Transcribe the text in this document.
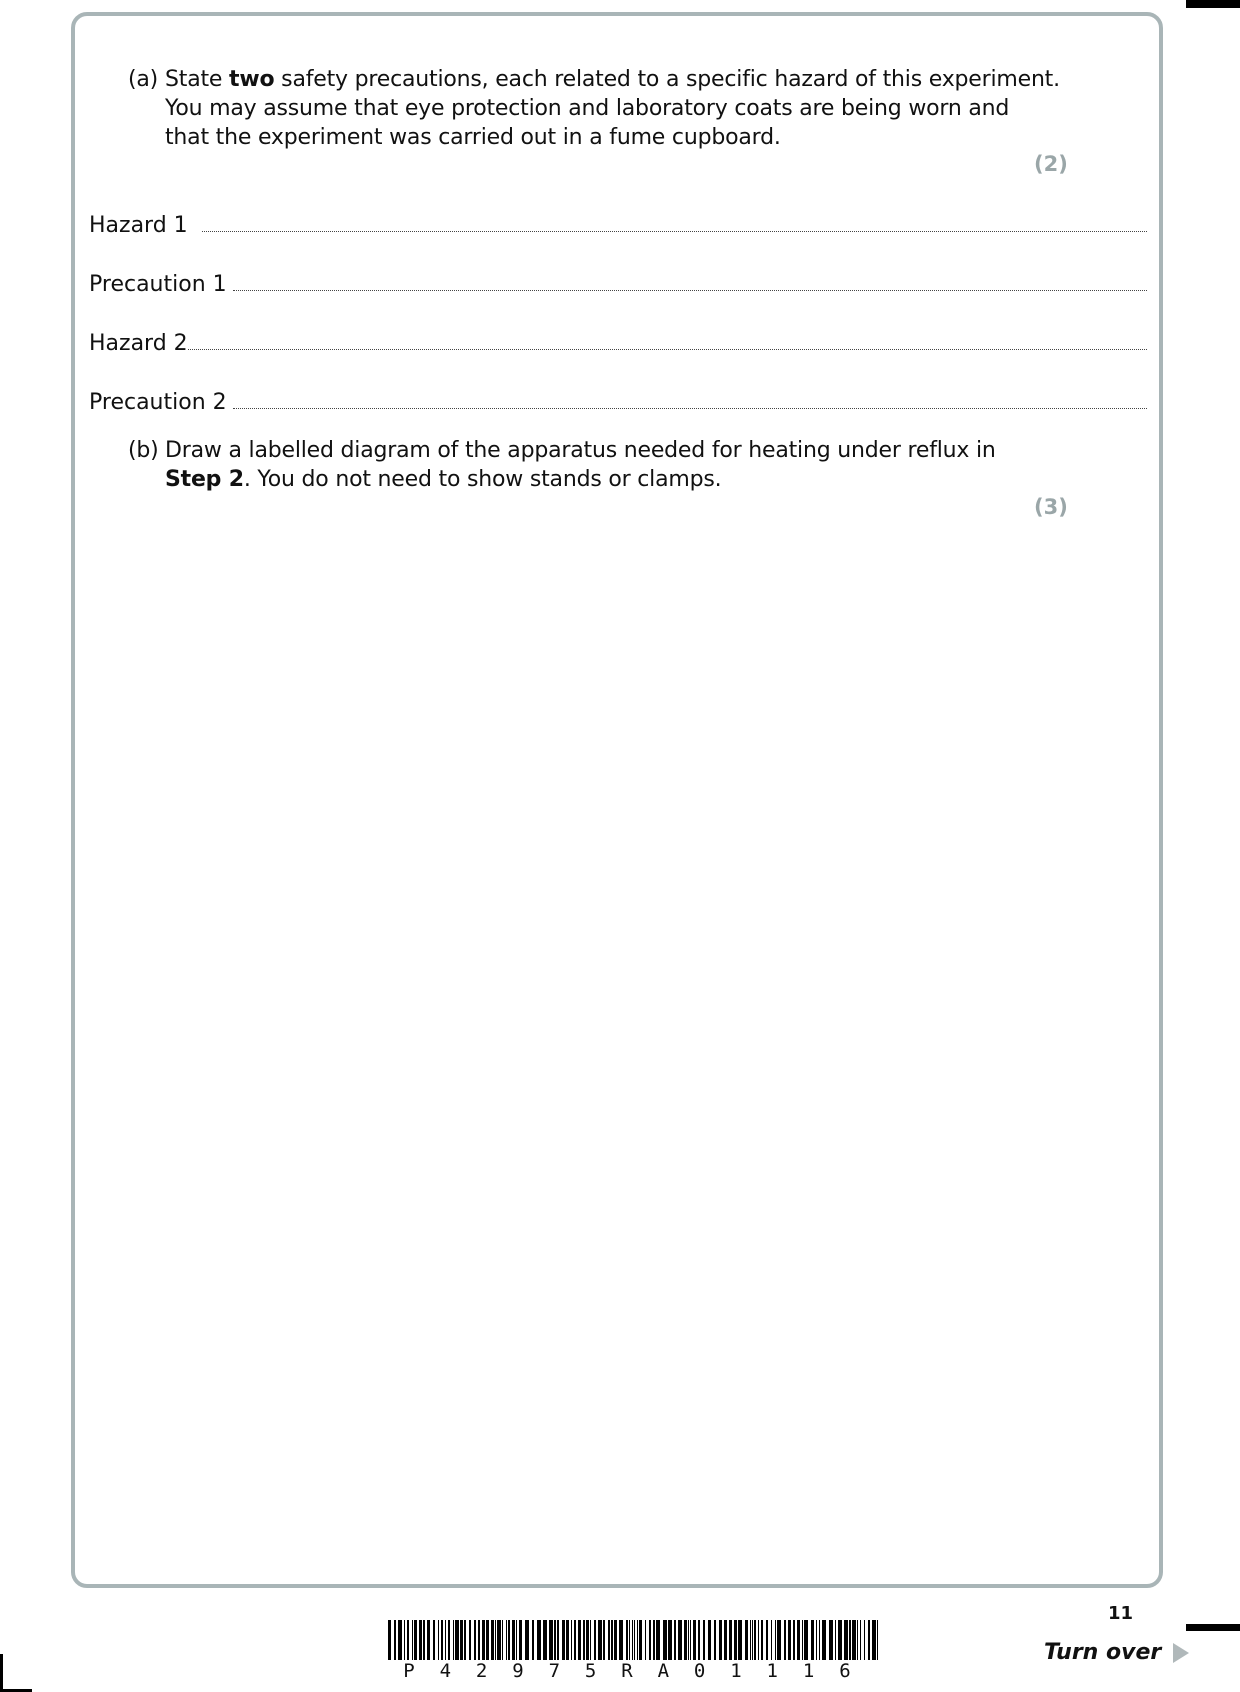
(a) State two safety precautions, each related to a specific hazard of this experiment.
You may assume that eye protection and laboratory coats are being worn and
that the experiment was carried out in a fume cupboard.
(2)
Hazard 1
Precaution 1
Hazard 2
Precaution 2
(b) Draw a labelled diagram of the apparatus needed for heating under reflux in
Step 2. You do not need to show stands or clamps.
(3)
P 4 2 9 7 5 R A 0 1 1 1 6
11
Turn over
